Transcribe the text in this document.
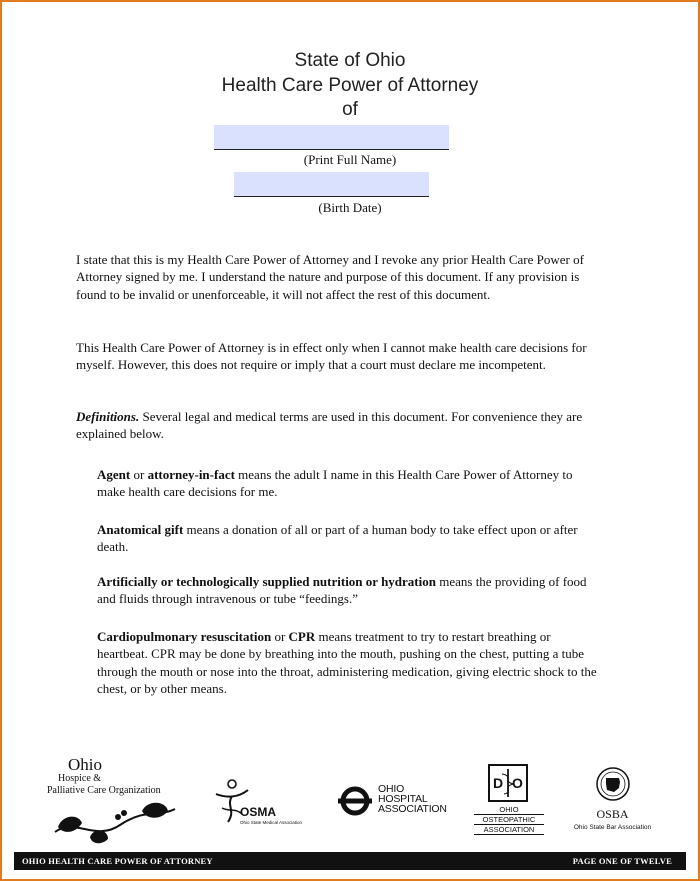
State of Ohio
Health Care Power of Attorney
of
(Print Full Name)
(Birth Date)
I state that this is my Health Care Power of Attorney and I revoke any prior Health Care Power of Attorney signed by me. I understand the nature and purpose of this document. If any provision is found to be invalid or unenforceable, it will not affect the rest of this document.
This Health Care Power of Attorney is in effect only when I cannot make health care decisions for myself. However, this does not require or imply that a court must declare me incompetent.
Definitions. Several legal and medical terms are used in this document. For convenience they are explained below.
Agent or attorney-in-fact means the adult I name in this Health Care Power of Attorney to make health care decisions for me.
Anatomical gift means a donation of all or part of a human body to take effect upon or after death.
Artificially or technologically supplied nutrition or hydration means the providing of food and fluids through intravenous or tube “feedings.”
Cardiopulmonary resuscitation or CPR means treatment to try to restart breathing or heartbeat. CPR may be done by breathing into the mouth, pushing on the chest, putting a tube through the mouth or nose into the throat, administering medication, giving electric shock to the chest, or by other means.
Ohio
Hospice &
Palliative Care Organization
OSMA
Ohio State Medical Association
OHIO
HOSPITAL
ASSOCIATION
D O
OHIO
OSTEOPATHIC
ASSOCIATION
OSBA
Ohio State Bar Association
OHIO HEALTH CARE POWER OF ATTORNEY	PAGE ONE OF TWELVE
